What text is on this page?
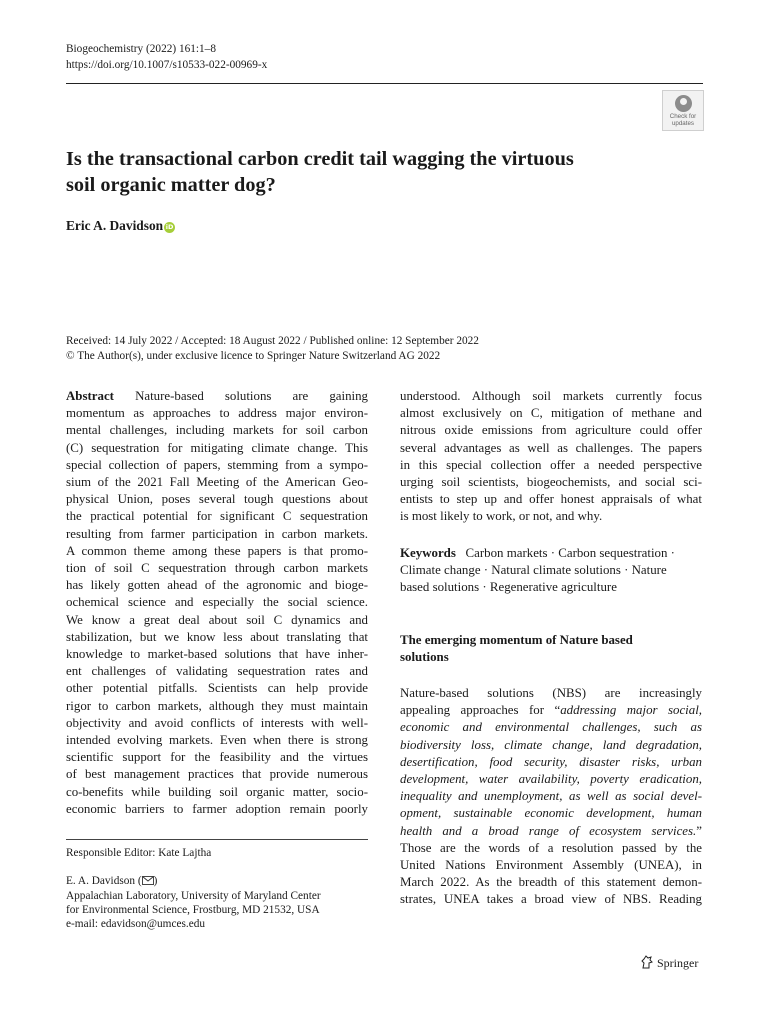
Biogeochemistry (2022) 161:1–8
https://doi.org/10.1007/s10533-022-00969-x
Check for
updates
Is the transactional carbon credit tail wagging the virtuous
soil organic matter dog?
Eric A. Davidson iD
Received: 14 July 2022 / Accepted: 18 August 2022 / Published online: 12 September 2022
© The Author(s), under exclusive licence to Springer Nature Switzerland AG 2022
Abstract Nature-based solutions are gaining
momentum as approaches to address major environ-
mental challenges, including markets for soil carbon
(C) sequestration for mitigating climate change. This
special collection of papers, stemming from a sympo-
sium of the 2021 Fall Meeting of the American Geo-
physical Union, poses several tough questions about
the practical potential for significant C sequestration
resulting from farmer participation in carbon markets.
A common theme among these papers is that promo-
tion of soil C sequestration through carbon markets
has likely gotten ahead of the agronomic and bioge-
ochemical science and especially the social science.
We know a great deal about soil C dynamics and
stabilization, but we know less about translating that
knowledge to market-based solutions that have inher-
ent challenges of validating sequestration rates and
other potential pitfalls. Scientists can help provide
rigor to carbon markets, although they must maintain
objectivity and avoid conflicts of interests with well-
intended evolving markets. Even when there is strong
scientific support for the feasibility and the virtues
of best management practices that provide numerous
co-benefits while building soil organic matter, socio-
economic barriers to farmer adoption remain poorly
Responsible Editor: Kate Lajtha
E. A. Davidson ( )
Appalachian Laboratory, University of Maryland Center
for Environmental Science, Frostburg, MD 21532, USA
e-mail: edavidson@umces.edu
understood. Although soil markets currently focus
almost exclusively on C, mitigation of methane and
nitrous oxide emissions from agriculture could offer
several advantages as well as challenges. The papers
in this special collection offer a needed perspective
urging soil scientists, biogeochemists, and social sci-
entists to step up and offer honest appraisals of what
is most likely to work, or not, and why.
Keywords Carbon markets · Carbon sequestration ·
Climate change · Natural climate solutions · Nature
based solutions · Regenerative agriculture
The emerging momentum of Nature based
solutions
Nature-based solutions (NBS) are increasingly
appealing approaches for “addressing major social,
economic and environmental challenges, such as
biodiversity loss, climate change, land degradation,
desertification, food security, disaster risks, urban
development, water availability, poverty eradication,
inequality and unemployment, as well as social devel-
opment, sustainable economic development, human
health and a broad range of ecosystem services.”
Those are the words of a resolution passed by the
United Nations Environment Assembly (UNEA), in
March 2022. As the breadth of this statement demon-
strates, UNEA takes a broad view of NBS. Reading
Springer
